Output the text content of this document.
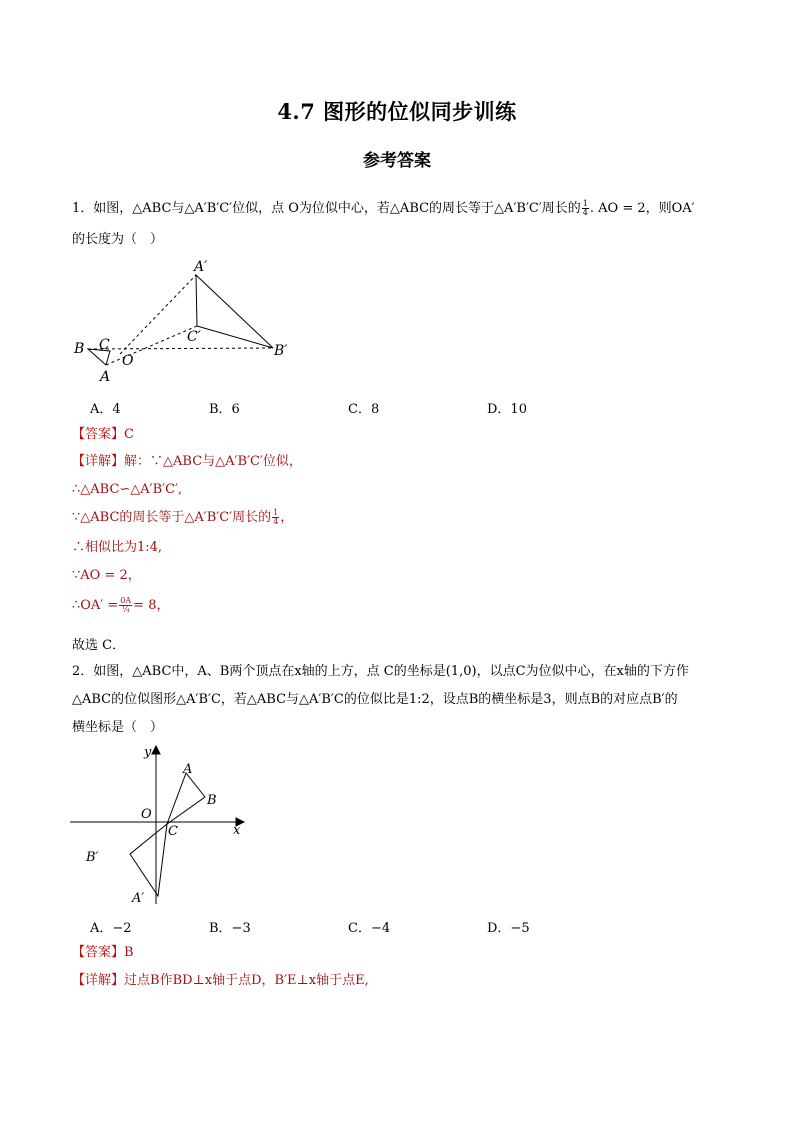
4.7 图形的位似同步训练
参考答案
1．如图，△ABC与△A′B′C′位似，点 O为位似中心，若△ABC的周长等于△A′B′C′周长的 $\frac{1}{4}$ . AO = 2，则OA′
的长度为（　）
A′
B C
O
A
C′
B′
A．4	B．6	C．8	D．10
【答案】C
【详解】解：∵△ABC与△A′B′C′位似，
∴△ABC∽△A′B′C′,
∵△ABC的周长等于△A′B′C′周长的 $\frac{1}{4}$ ，
∴相似比为1:4,
∵AO = 2，
∴OA′ = $\frac{0A}{\text{¼}} = 8$，
故选 C．
2．如图，△ABC中，A、B两个顶点在x轴的上方，点 C的坐标是(1,0)，以点C为位似中心，在x轴的下方作
△ABC的位似图形△A′B′C，若△ABC与△A′B′C的位似比是1:2，设点B的横坐标是3，则点B的对应点B′的
横坐标是（　）
y
x
O
C
A
B
B′
A′
A．−2	B．−3	C．−4	D．−5
【答案】B
【详解】过点B作BD⊥x轴于点D，B′E⊥x轴于点E,
